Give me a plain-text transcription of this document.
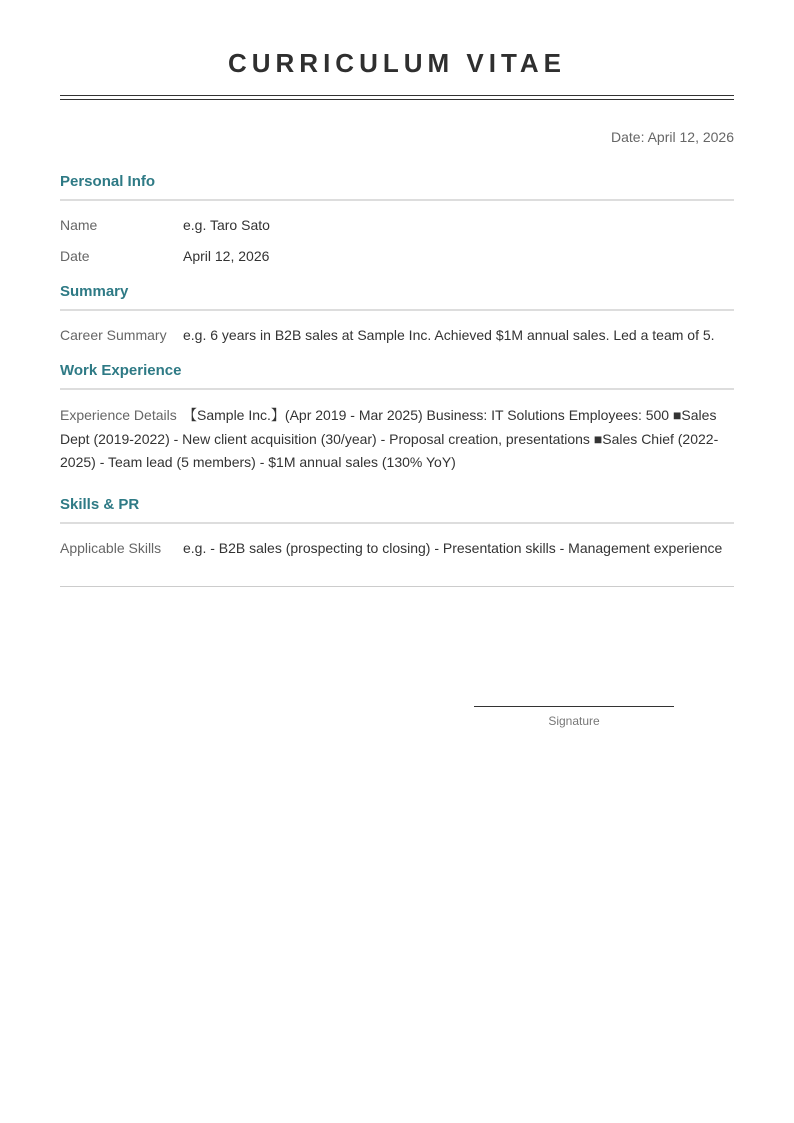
CURRICULUM VITAE
Date: April 12, 2026
Personal Info
Name	e.g. Taro Sato
Date	April 12, 2026
Summary
Career Summary	e.g. 6 years in B2B sales at Sample Inc. Achieved $1M annual sales. Led a team of 5.
Work Experience
Experience Details 【Sample Inc.】(Apr 2019 - Mar 2025) Business: IT Solutions Employees: 500 ■Sales Dept (2019-2022) - New client acquisition (30/year) - Proposal creation, presentations ■Sales Chief (2022-2025) - Team lead (5 members) - $1M annual sales (130% YoY)
Skills & PR
Applicable Skills	e.g. - B2B sales (prospecting to closing) - Presentation skills - Management experience
Signature
